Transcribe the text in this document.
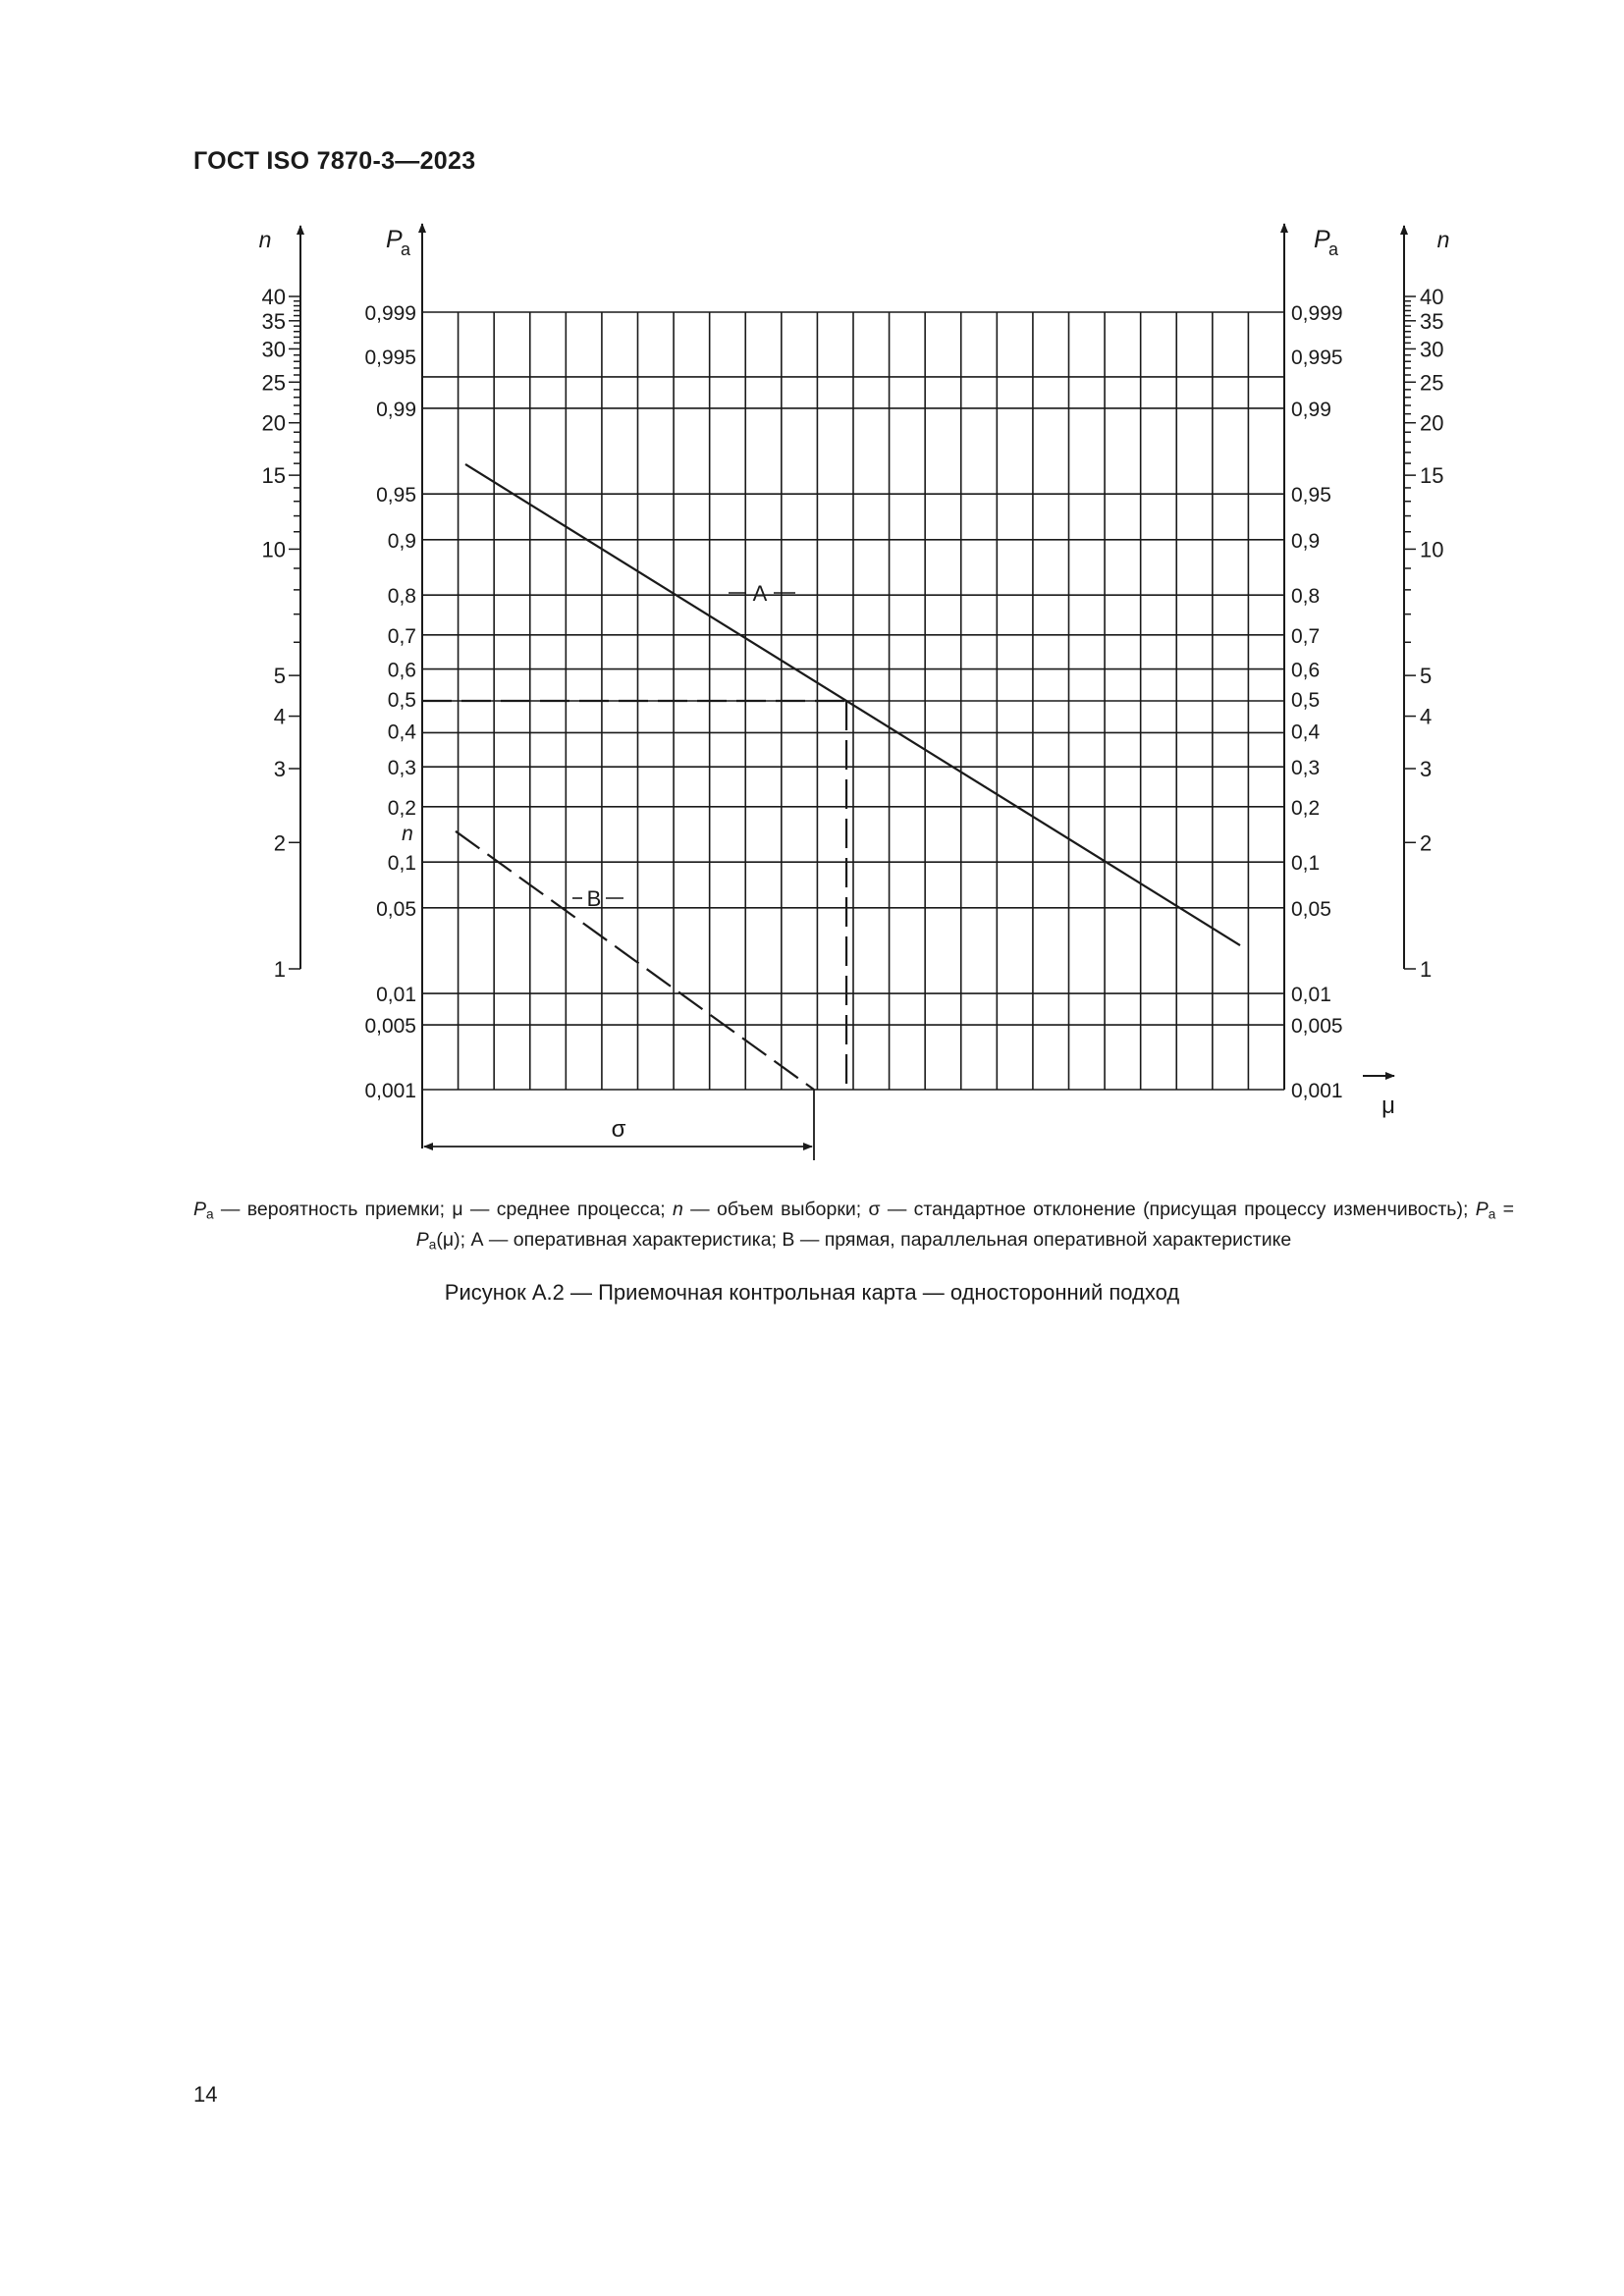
ГОСТ ISO 7870-3—2023
0,999	0,999
0,995	0,995
0,99	0,99
0,95	0,95
0,9	0,9
0,8	0,8
0,7	0,7
0,6	0,6
0,5	0,5
0,4	0,4
0,3	0,3
0,2	0,2
0,1	0,1
0,05	0,05
0,01	0,01
0,005	0,005
0,001	0,001
40	40
35	35
30	30
25	25
20	20
15	15
10	10
5	5
4	4
3	3
2	2
1	1
n	n
P
a	P
a
μ
n
A
B
σ
$P_a$ — вероятность приемки; μ — среднее процесса; n — объем выборки; σ — стандартное отклонение (присущая процессу изменчивость); $P_a = P_a(\mu)$; А — оперативная характеристика; В — прямая, параллельная оперативной характеристике
Рисунок А.2 — Приемочная контрольная карта — односторонний подход
14
